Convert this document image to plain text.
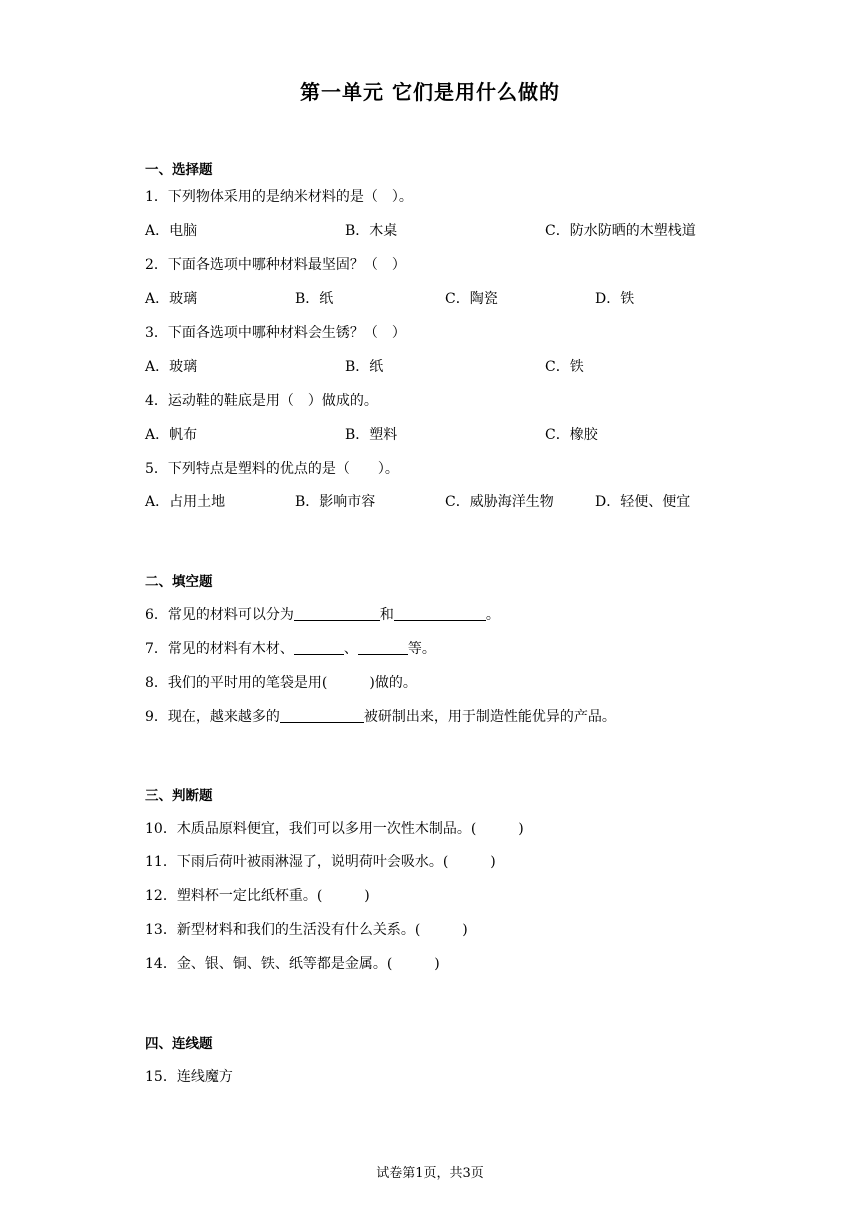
第一单元 它们是用什么做的
一、选择题
1．下列物体采用的是纳米材料的是（　）。
A．电脑	B．木桌	C．防水防晒的木塑栈道
2．下面各选项中哪种材料最坚固？（　）
A．玻璃	B．纸	C．陶瓷	D．铁
3．下面各选项中哪种材料会生锈？（　）
A．玻璃	B．纸	C．铁
4．运动鞋的鞋底是用（　）做成的。
A．帆布	B．塑料	C．橡胶
5．下列特点是塑料的优点的是（　　）。
A．占用土地	B．影响市容	C．威胁海洋生物	D．轻便、便宜
二、填空题
6．常见的材料可以分为	和	。
7．常见的材料有木材、	、	等。
8．我们的平时用的笔袋是用(　　　)做的。
9．现在，越来越多的	被研制出来，用于制造性能优异的产品。
三、判断题
10．木质品原料便宜，我们可以多用一次性木制品。(　　　)
11．下雨后荷叶被雨淋湿了，说明荷叶会吸水。(　　　)
12．塑料杯一定比纸杯重。(　　　)
13．新型材料和我们的生活没有什么关系。(　　　)
14．金、银、铜、铁、纸等都是金属。(　　　)
四、连线题
15．连线魔方
试卷第1页，共3页
